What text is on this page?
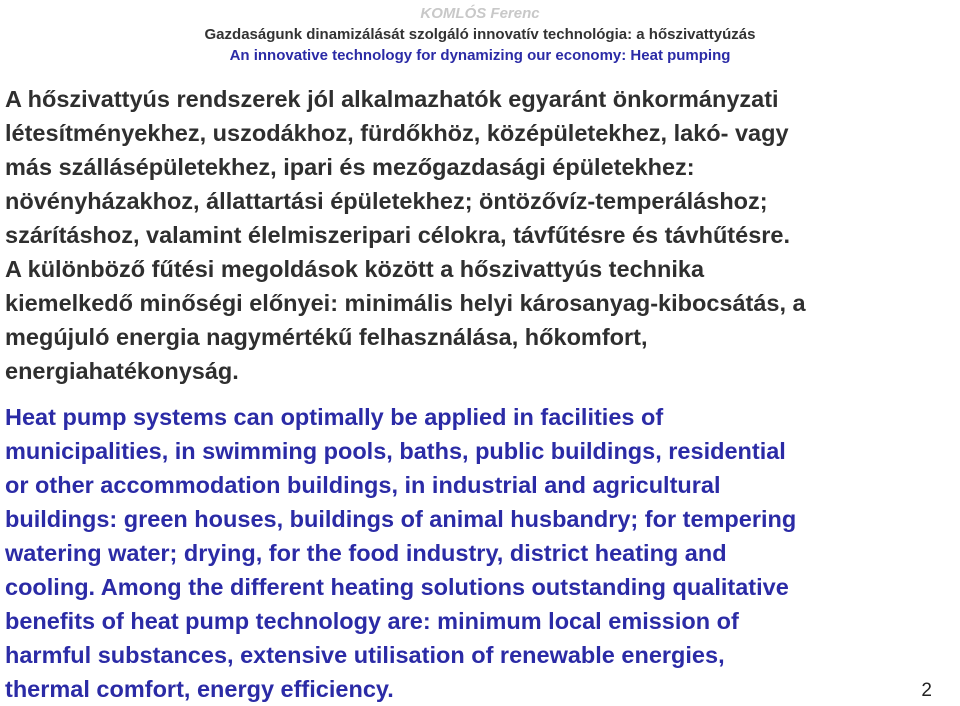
KOMLÓS Ferenc
Gazdaságunk dinamizálását szolgáló innovatív technológia: a hőszivattyúzás
An innovative technology for dynamizing our economy: Heat pumping
A hőszivattyús rendszerek jól alkalmazhatók egyaránt önkormányzati
létesítményekhez, uszodákhoz, fürdőkhöz, középületekhez, lakó- vagy
más szállásépületekhez, ipari és mezőgazdasági épületekhez:
növényházakhoz, állattartási épületekhez; öntözővíz-temperáláshoz;
szárításhoz, valamint élelmiszeripari célokra, távfűtésre és távhűtésre.
A különböző fűtési megoldások között a hőszivattyús technika
kiemelkedő minőségi előnyei: minimális helyi károsanyag-kibocsátás, a
megújuló energia nagymértékű felhasználása, hőkomfort,
energiahatékonyság.
Heat pump systems can optimally be applied in facilities of
municipalities, in swimming pools, baths, public buildings, residential
or other accommodation buildings, in industrial and agricultural
buildings: green houses, buildings of animal husbandry; for tempering
watering water; drying, for the food industry, district heating and
cooling. Among the different heating solutions outstanding qualitative
benefits of heat pump technology are: minimum local emission of
harmful substances, extensive utilisation of renewable energies,
thermal comfort, energy efficiency.	2
